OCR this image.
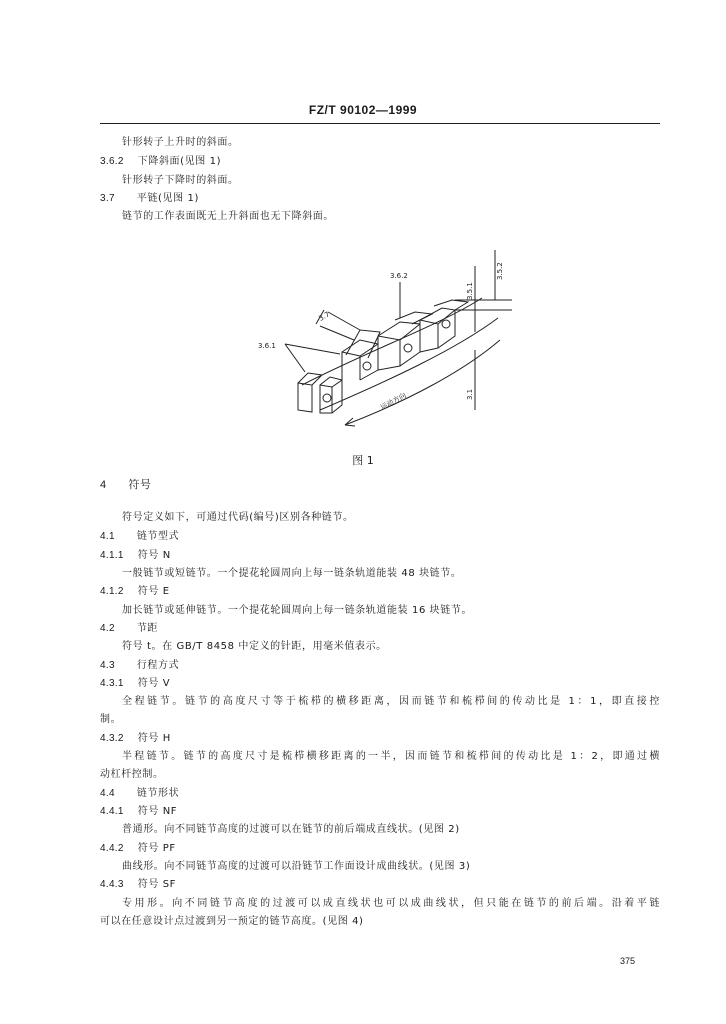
FZ/T 90102—1999
针形转子上升时的斜面。
3.6.2 下降斜面(见图 1)
针形转子下降时的斜面。
3.7 平链(见图 1)
链节的工作表面既无上升斜面也无下降斜面。
3.6.2
3.6.1
3.7
3.5.1
3.5.2
3.1
运动方向
图 1
4 符号
符号定义如下，可通过代码(编号)区别各种链节。
4.1 链节型式
4.1.1 符号 N
一般链节或短链节。一个提花轮圆周向上每一链条轨道能装 48 块链节。
4.1.2 符号 E
加长链节或延伸链节。一个提花轮圆周向上每一链条轨道能装 16 块链节。
4.2 节距
符号 t。在 GB/T 8458 中定义的针距，用毫米值表示。
4.3 行程方式
4.3.1 符号 V
全程链节。链节的高度尺寸等于梳栉的横移距离，因而链节和梳栉间的传动比是 1：1，即直接控
制。
4.3.2 符号 H
半程链节。链节的高度尺寸是梳栉横移距离的一半，因而链节和梳栉间的传动比是 1：2，即通过横
动杠杆控制。
4.4 链节形状
4.4.1 符号 NF
普通形。向不同链节高度的过渡可以在链节的前后端成直线状。(见图 2)
4.4.2 符号 PF
曲线形。向不同链节高度的过渡可以沿链节工作面设计成曲线状。(见图 3)
4.4.3 符号 SF
专用形。向不同链节高度的过渡可以成直线状也可以成曲线状，但只能在链节的前后端。沿着平链
可以在任意设计点过渡到另一预定的链节高度。(见图 4)
375
